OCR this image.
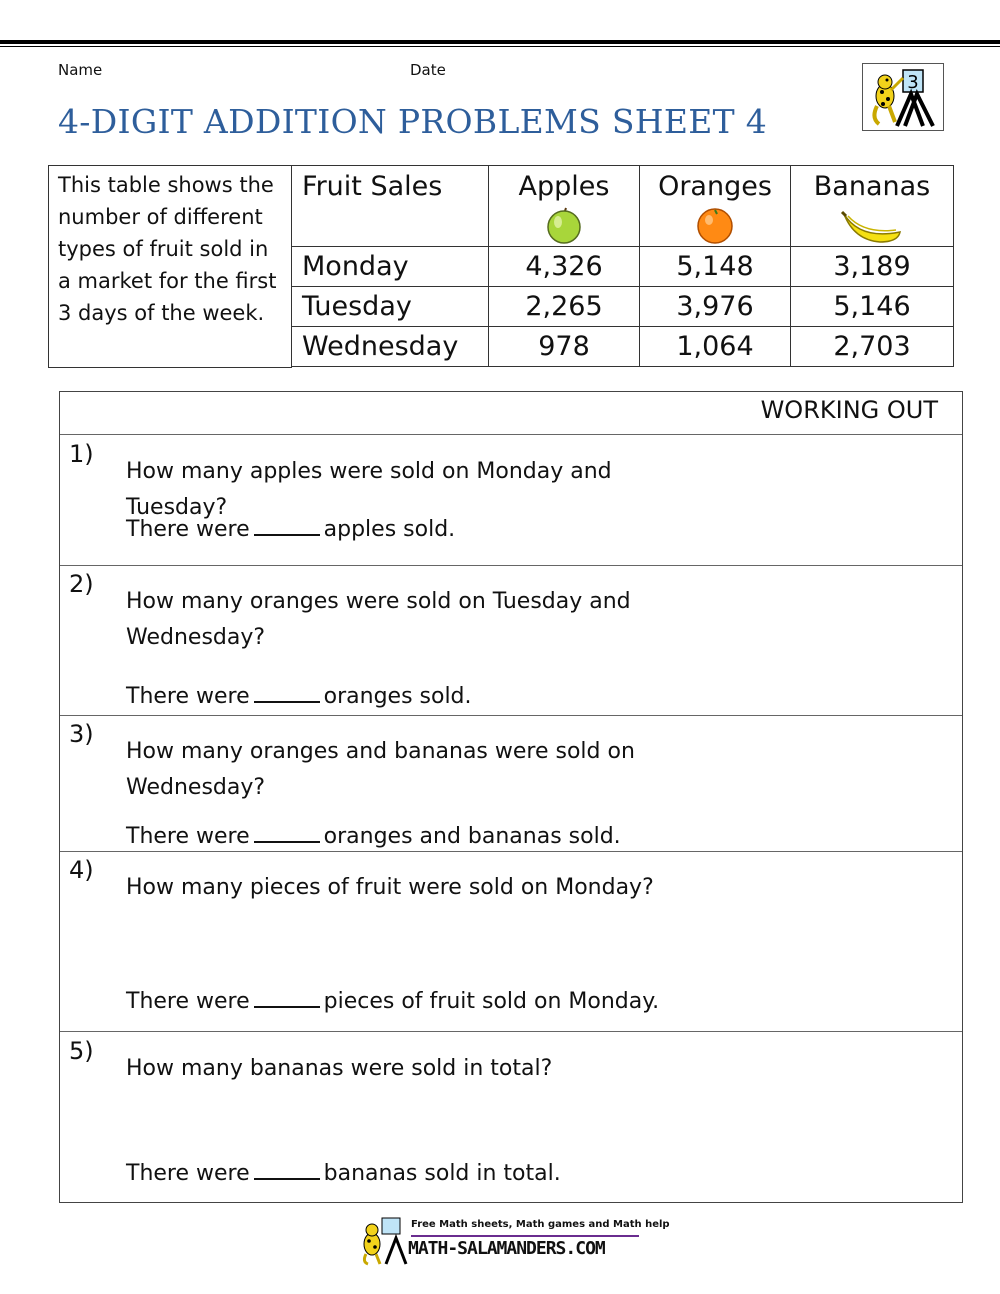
Name	Date
4-DIGIT ADDITION PROBLEMS SHEET 4
3
This table shows the number of different types of fruit sold in a market for the first 3 days of the week.
Fruit Sales	Apples	Oranges	Bananas

Monday	4,326	5,148	3,189
Tuesday	2,265	3,976	5,146
Wednesday	978	1,064	2,703
WORKING OUT
1)
How many apples were sold on Monday and Tuesday?
There were	apples sold.
2)
How many oranges were sold on Tuesday and Wednesday?
There were	oranges sold.
3)
How many oranges and bananas were sold on Wednesday?
There were	oranges and bananas sold.
4)
How many pieces of fruit were sold on Monday?
There were	pieces of fruit sold on Monday.
5)
How many bananas were sold in total?
There were	bananas sold in total.
Free Math sheets, Math games and Math help
MATH-SALAMANDERS.COM
